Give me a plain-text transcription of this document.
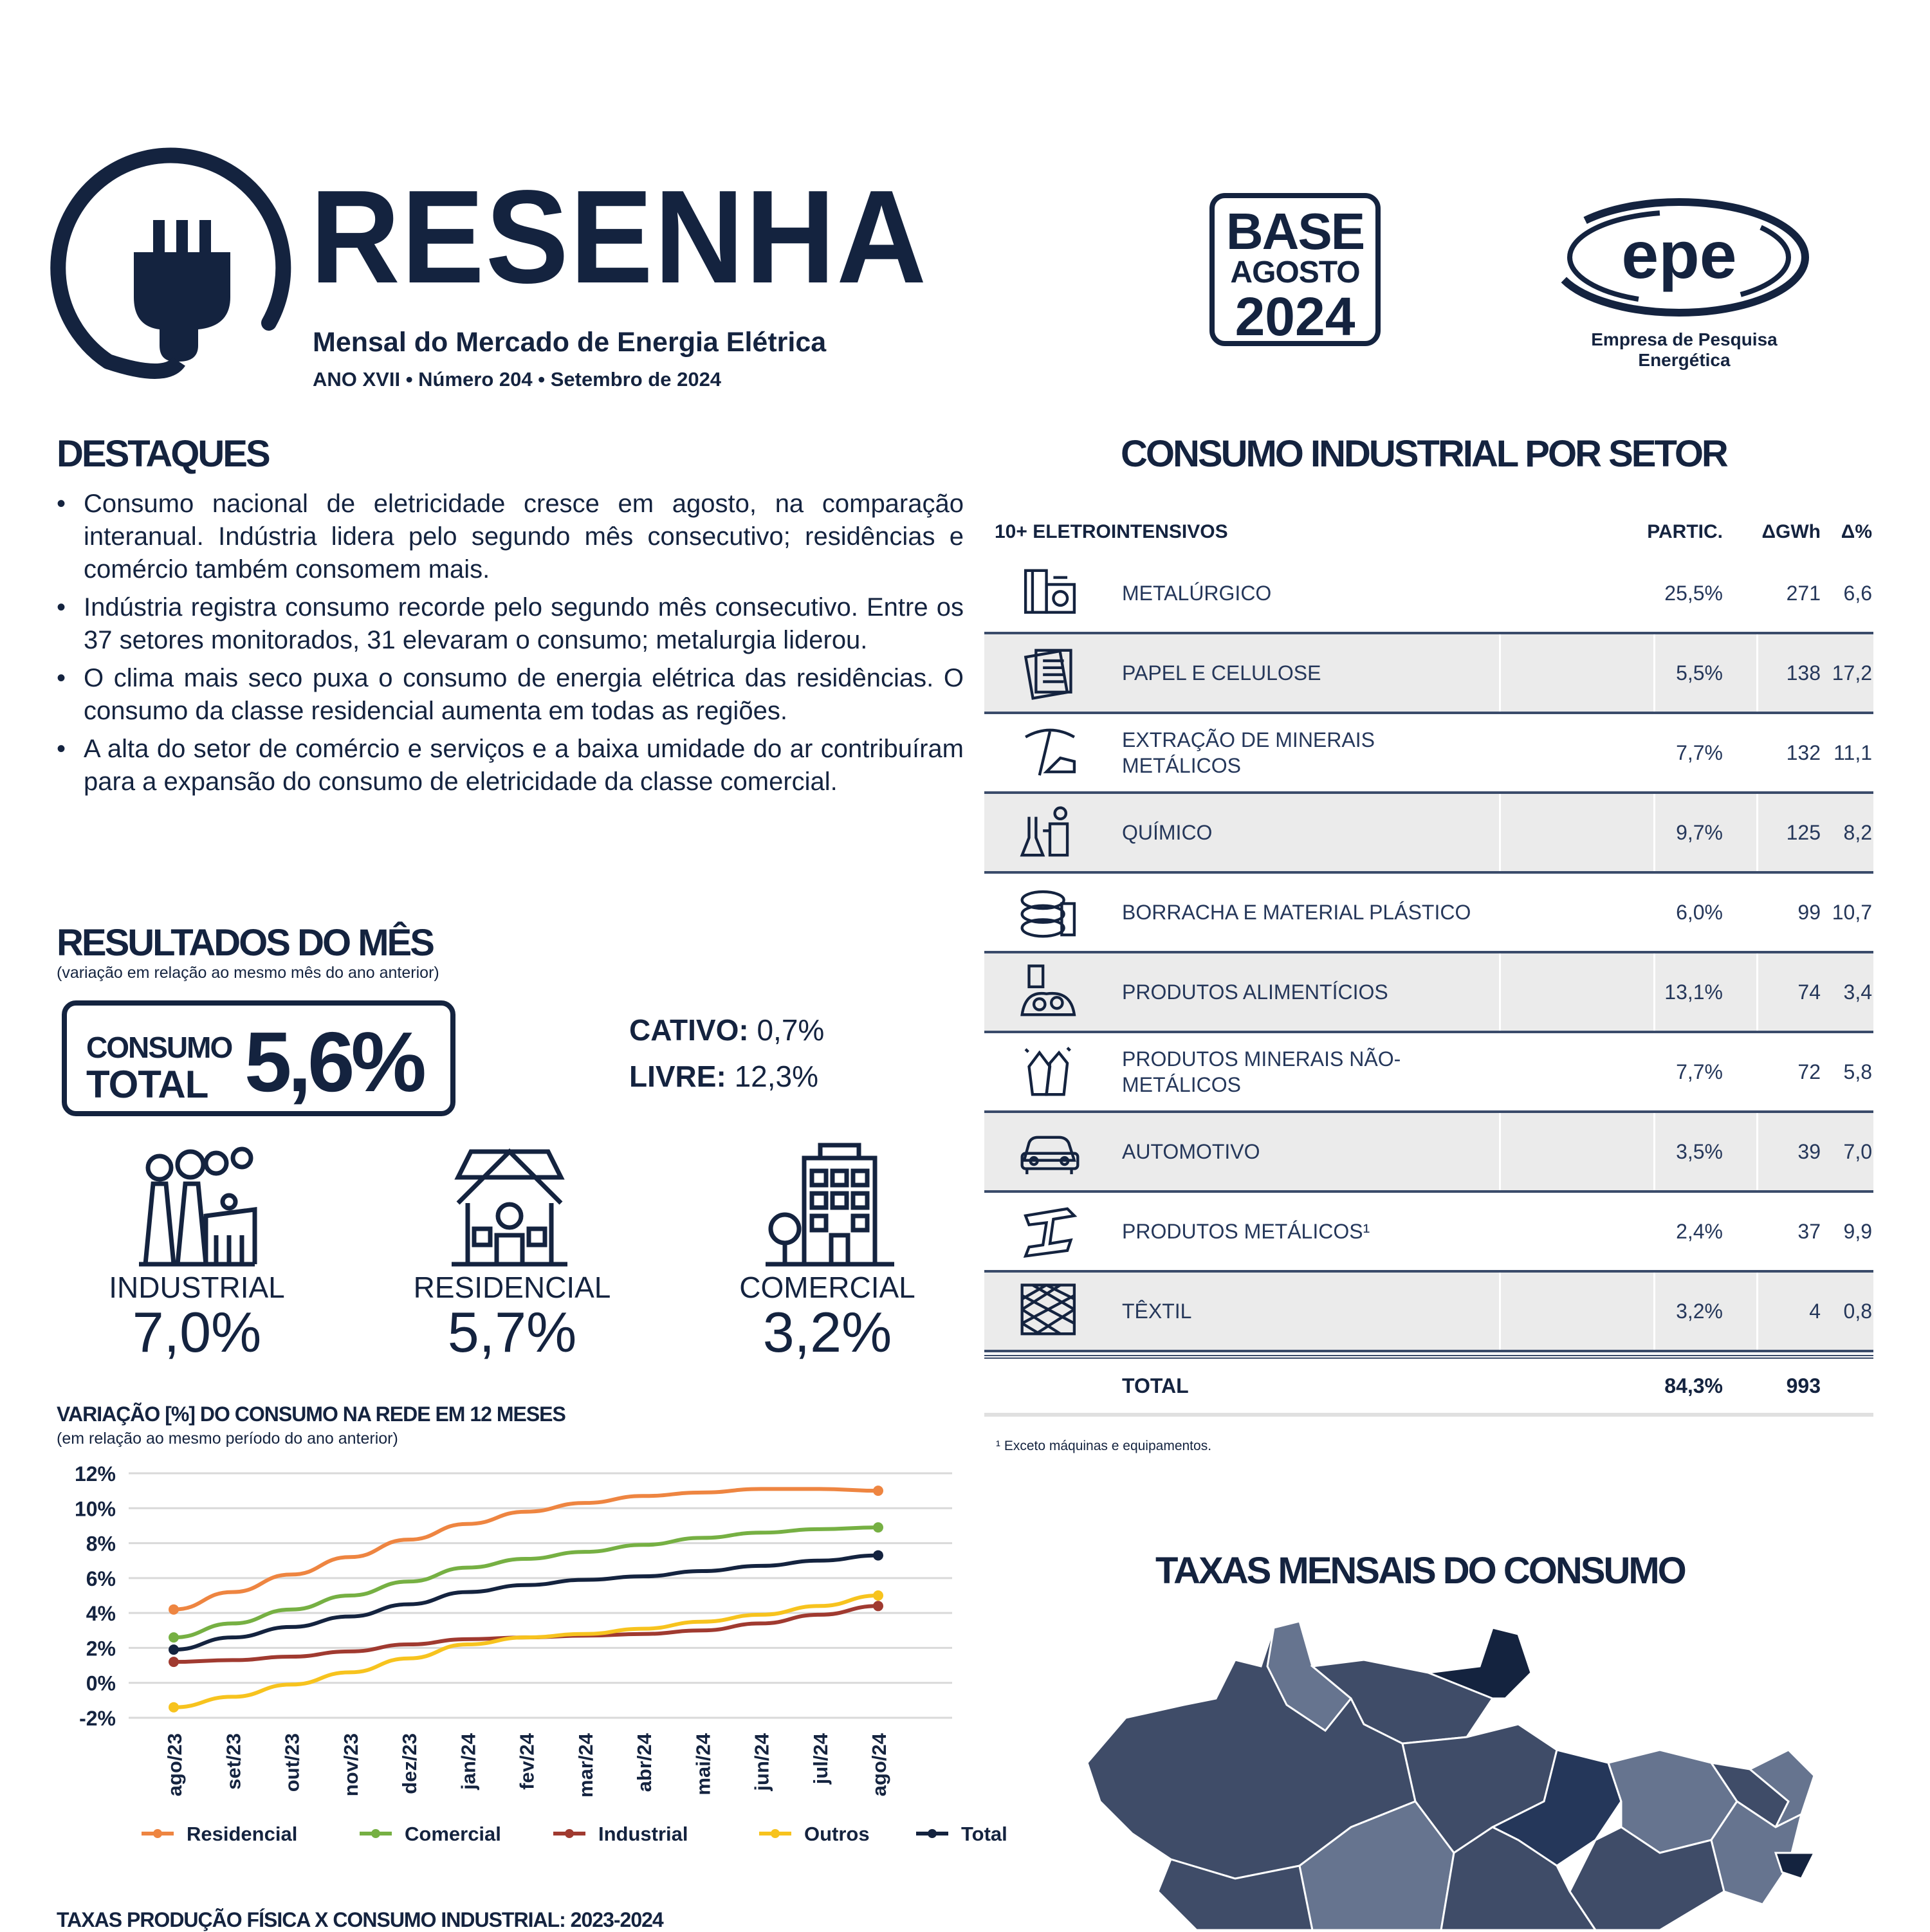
RESENHA
Mensal do Mercado de Energia Elétrica
ANO XVII • Número 204 • Setembro de 2024
BASE
AGOSTO
2024
epe
Empresa de Pesquisa Energética
DESTAQUES
• Consumo nacional de eletricidade cresce em agosto, na comparação interanual. Indústria lidera pelo segundo mês consecutivo; residências e comércio também consomem mais.
• Indústria registra consumo recorde pelo segundo mês consecutivo. Entre os 37 setores monitorados, 31 elevaram o consumo; metalurgia liderou.
• O clima mais seco puxa o consumo de energia elétrica das residências. O consumo da classe residencial aumenta em todas as regiões.
• A alta do setor de comércio e serviços e a baixa umidade do ar contribuíram para a expansão do consumo de eletricidade da classe comercial.
RESULTADOS DO MÊS
(variação em relação ao mesmo mês do ano anterior)
CONSUMO
TOTAL 5,6%	CATIVO: 0,7%
LIVRE: 12,3%
INDUSTRIAL
7,0%
RESIDENCIAL
5,7%
COMERCIAL
3,2%
VARIAÇÃO [%] DO CONSUMO NA REDE EM 12 MESES
(em relação ao mesmo período do ano anterior)
12%
10%
8%
6%
4%
2%
0%
-2%
ago/23 set/23 out/23 nov/23 dez/23 jan/24 fev/24 mar/24 abr/24 mai/24 jun/24 jul/24 ago/24
Residencial	Comercial	Industrial	Outros	Total
TAXAS PRODUÇÃO FÍSICA X CONSUMO INDUSTRIAL: 2023-2024
CONSUMO INDUSTRIAL POR SETOR
10+ ELETROINTENSIVOS	PARTIC.	ΔGWh	Δ%
METALÚRGICO	25,5%	271	6,6
PAPEL E CELULOSE	5,5%	138 17,2
EXTRAÇÃO DE MINERAIS METÁLICOS
7,7%	132 11,1
QUÍMICO	9,7%	125	8,2
BORRACHA E MATERIAL PLÁSTICO	6,0%	99 10,7
PRODUTOS ALIMENTÍCIOS	13,1%	74	3,4
PRODUTOS MINERAIS NÃO-METÁLICOS
7,7%	72	5,8
AUTOMOTIVO	3,5%	39	7,0
PRODUTOS METÁLICOS¹	2,4%	37	9,9
TÊXTIL	3,2%	4	0,8
TOTAL	84,3%	993
¹ Exceto máquinas e equipamentos.
TAXAS MENSAIS DO CONSUMO
